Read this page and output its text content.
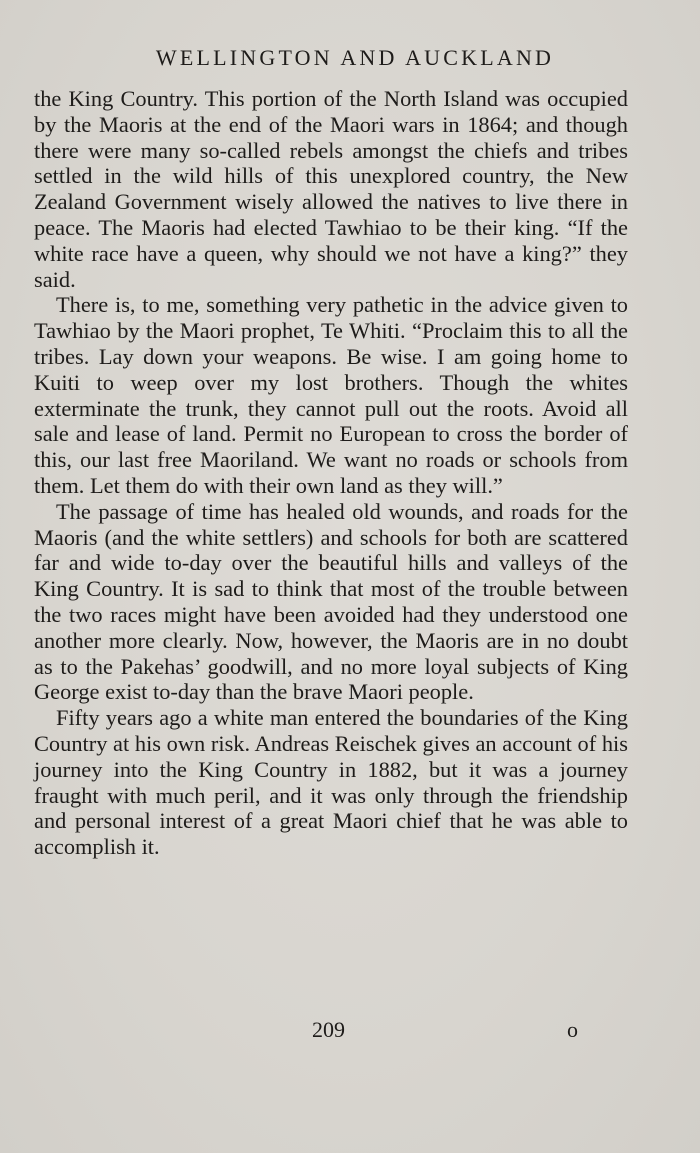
WELLINGTON AND AUCKLAND

the King Country. This portion of the North Island was occupied by the Maoris at the end of the Maori wars in 1864; and though there were many so-called rebels amongst the chiefs and tribes settled in the wild hills of this unexplored country, the New Zealand Government wisely allowed the natives to live there in peace. The Maoris had elected Tawhiao to be their king. “If the white race have a queen, why should we not have a king?” they said.

There is, to me, something very pathetic in the advice given to Tawhiao by the Maori prophet, Te Whiti. “Proclaim this to all the tribes. Lay down your weapons. Be wise. I am going home to Kuiti to weep over my lost brothers. Though the whites exterminate the trunk, they cannot pull out the roots. Avoid all sale and lease of land. Permit no European to cross the border of this, our last free Maoriland. We want no roads or schools from them. Let them do with their own land as they will.”

The passage of time has healed old wounds, and roads for the Maoris (and the white settlers) and schools for both are scattered far and wide to-day over the beautiful hills and valleys of the King Country. It is sad to think that most of the trouble between the two races might have been avoided had they understood one another more clearly. Now, however, the Maoris are in no doubt as to the Pakehas’ goodwill, and no more loyal subjects of King George exist to-day than the brave Maori people.

Fifty years ago a white man entered the boundaries of the King Country at his own risk. Andreas Reischek gives an account of his journey into the King Country in 1882, but it was a journey fraught with much peril, and it was only through the friendship and personal interest of a great Maori chief that he was able to accomplish it.

209	o
